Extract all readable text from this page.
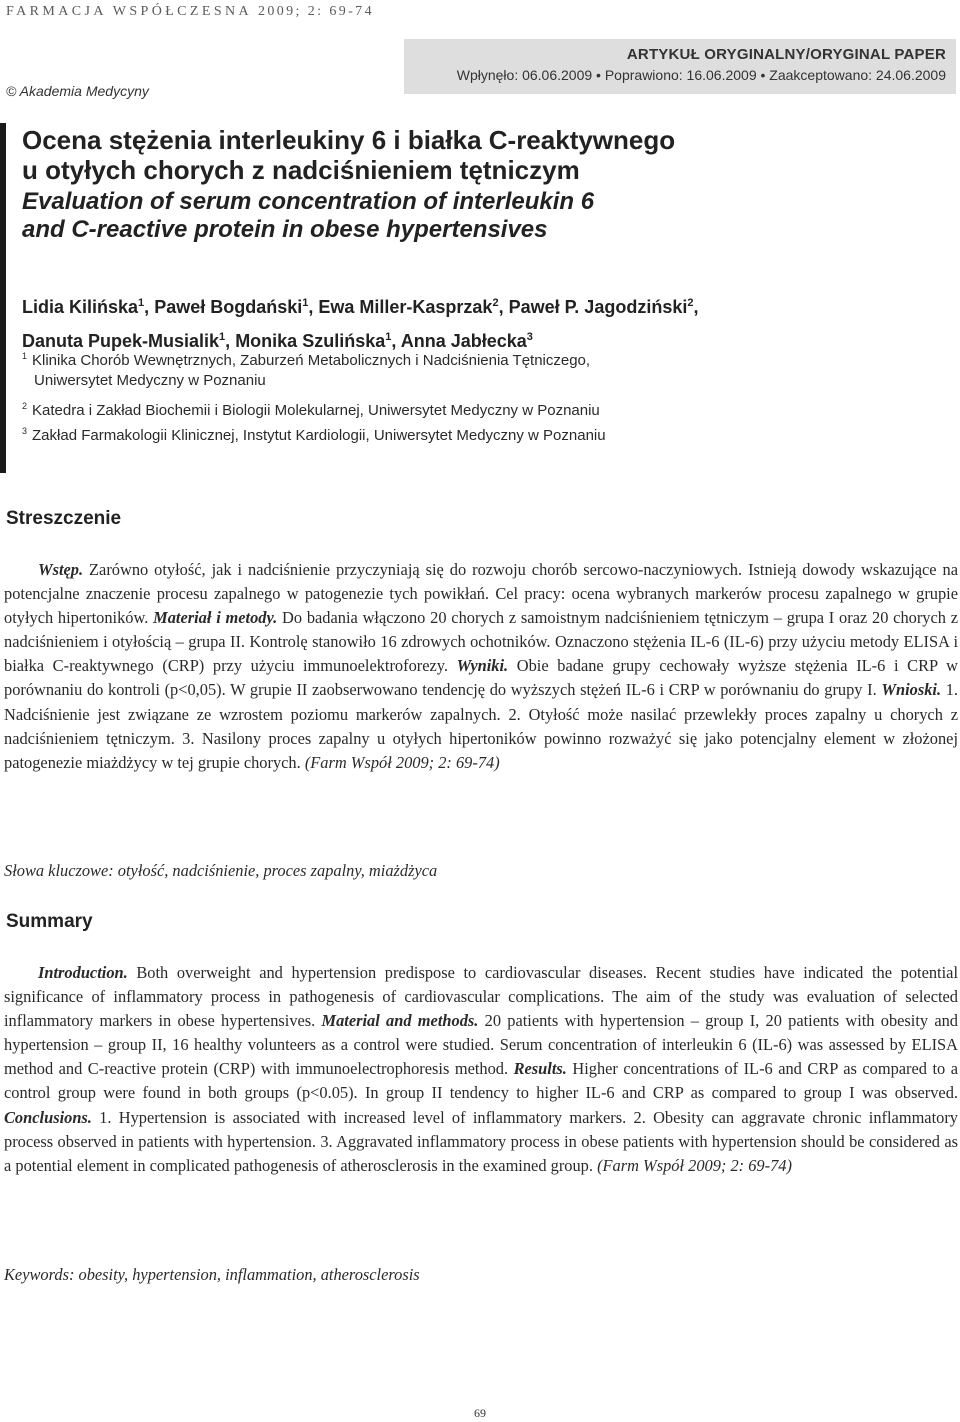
FARMACJA WSPÓŁCZESNA 2009; 2: 69-74
ARTYKUŁ ORYGINALNY/ORYGINAL PAPER
Wpłynęło: 06.06.2009 • Poprawiono: 16.06.2009 • Zaakceptowano: 24.06.2009
© Akademia Medycyny
Ocena stężenia interleukiny 6 i białka C-reaktywnego
u otyłych chorych z nadciśnieniem tętniczym
Evaluation of serum concentration of interleukin 6
and C-reactive protein in obese hypertensives
Lidia Kilińska$^1$, Paweł Bogdański$^1$, Ewa Miller-Kasprzak$^2$, Paweł P. Jagodziński$^2$,
Danuta Pupek-Musialik$^1$, Monika Szulińska$^1$, Anna Jabłecka$^3$
$^1$ Klinika Chorób Wewnętrznych, Zaburzeń Metabolicznych i Nadciśnienia Tętniczego,
Uniwersytet Medyczny w Poznaniu
$^2$ Katedra i Zakład Biochemii i Biologii Molekularnej, Uniwersytet Medyczny w Poznaniu
$^3$ Zakład Farmakologii Klinicznej, Instytut Kardiologii, Uniwersytet Medyczny w Poznaniu
Streszczenie
Wstęp. Zarówno otyłość, jak i nadciśnienie przyczyniają się do rozwoju chorób sercowo-naczyniowych. Istnieją dowody wskazujące na potencjalne znaczenie procesu zapalnego w patogenezie tych powikłań. Cel pracy: ocena wybranych markerów procesu zapalnego w grupie otyłych hipertoników. Materiał i metody. Do badania włączono 20 chorych z samoistnym nadciśnieniem tętniczym – grupa I oraz 20 chorych z nadciśnieniem i otyłością – grupa II. Kontrolę stanowiło 16 zdrowych ochotników. Oznaczono stężenia IL-6 (IL-6) przy użyciu metody ELISA i białka C-reaktywnego (CRP) przy użyciu immunoelektroforezy. Wyniki. Obie badane grupy cechowały wyższe stężenia IL-6 i CRP w porównaniu do kontroli (p<0,05). W grupie II zaobserwowano tendencję do wyższych stężeń IL-6 i CRP w porównaniu do grupy I. Wnioski. 1. Nadciśnienie jest związane ze wzrostem poziomu markerów zapalnych. 2. Otyłość może nasilać przewlekły proces zapalny u chorych z nadciśnieniem tętniczym. 3. Nasilony proces zapalny u otyłych hipertoników powinno rozważyć się jako potencjalny element w złożonej patogenezie miażdżycy w tej grupie chorych. (Farm Współ 2009; 2: 69-74)
Słowa kluczowe: otyłość, nadciśnienie, proces zapalny, miażdżyca
Summary
Introduction. Both overweight and hypertension predispose to cardiovascular diseases. Recent studies have indicated the potential significance of inflammatory process in pathogenesis of cardiovascular complications. The aim of the study was evaluation of selected inflammatory markers in obese hypertensives. Material and methods. 20 patients with hypertension – group I, 20 patients with obesity and hypertension – group II, 16 healthy volunteers as a control were studied. Serum concentration of interleukin 6 (IL-6) was assessed by ELISA method and C-reactive protein (CRP) with immunoelectrophoresis method. Results. Higher concentrations of IL-6 and CRP as compared to a control group were found in both groups (p<0.05). In group II tendency to higher IL-6 and CRP as compared to group I was observed. Conclusions. 1. Hypertension is associated with increased level of inflammatory markers. 2. Obesity can aggravate chronic inflammatory process observed in patients with hypertension. 3. Aggravated inflammatory process in obese patients with hypertension should be considered as a potential element in complicated pathogenesis of atherosclerosis in the examined group. (Farm Współ 2009; 2: 69-74)
Keywords: obesity, hypertension, inflammation, atherosclerosis
69
